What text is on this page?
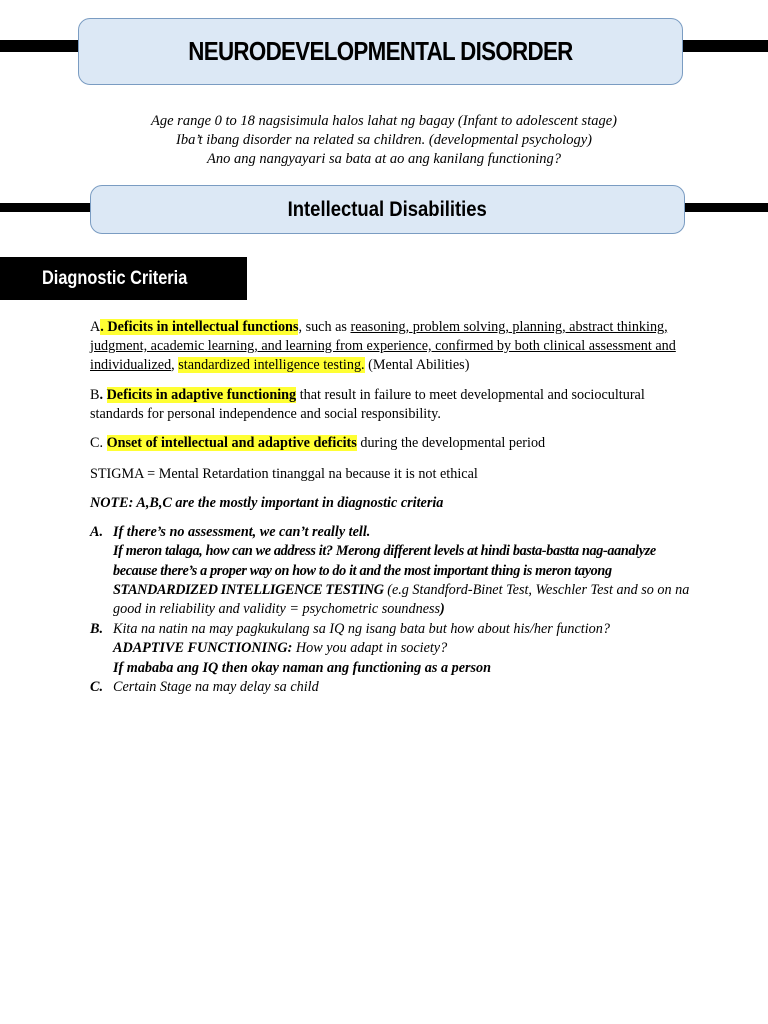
NEURODEVELOPMENTAL DISORDER
Age range 0 to 18 nagsisimula halos lahat ng bagay (Infant to adolescent stage)
Iba’t ibang disorder na related sa children. (developmental psychology)
Ano ang nangyayari sa bata at ao ang kanilang functioning?
Intellectual Disabilities
Diagnostic Criteria
A. Deficits in intellectual functions, such as reasoning, problem solving, planning, abstract thinking, judgment, academic learning, and learning from experience, confirmed by both clinical assessment and individualized, standardized intelligence testing. (Mental Abilities)
B. Deficits in adaptive functioning that result in failure to meet developmental and sociocultural standards for personal independence and social responsibility.
C. Onset of intellectual and adaptive deficits during the developmental period
STIGMA = Mental Retardation tinanggal na because it is not ethical
NOTE: A,B,C are the mostly important in diagnostic criteria
A. If there’s no assessment, we can’t really tell.
If meron talaga, how can we address it? Merong different levels at hindi basta-bastta nag-aanalyze because there’s a proper way on how to do it and the most important thing is meron tayong STANDARDIZED INTELLIGENCE TESTING (e.g Standford-Binet Test, Weschler Test and so on na good in reliability and validity = psychometric soundness)
B. Kita na natin na may pagkukulang sa IQ ng isang bata but how about his/her function?
ADAPTIVE FUNCTIONING: How you adapt in society?
If mababa ang IQ then okay naman ang functioning as a person
C. Certain Stage na may delay sa child
